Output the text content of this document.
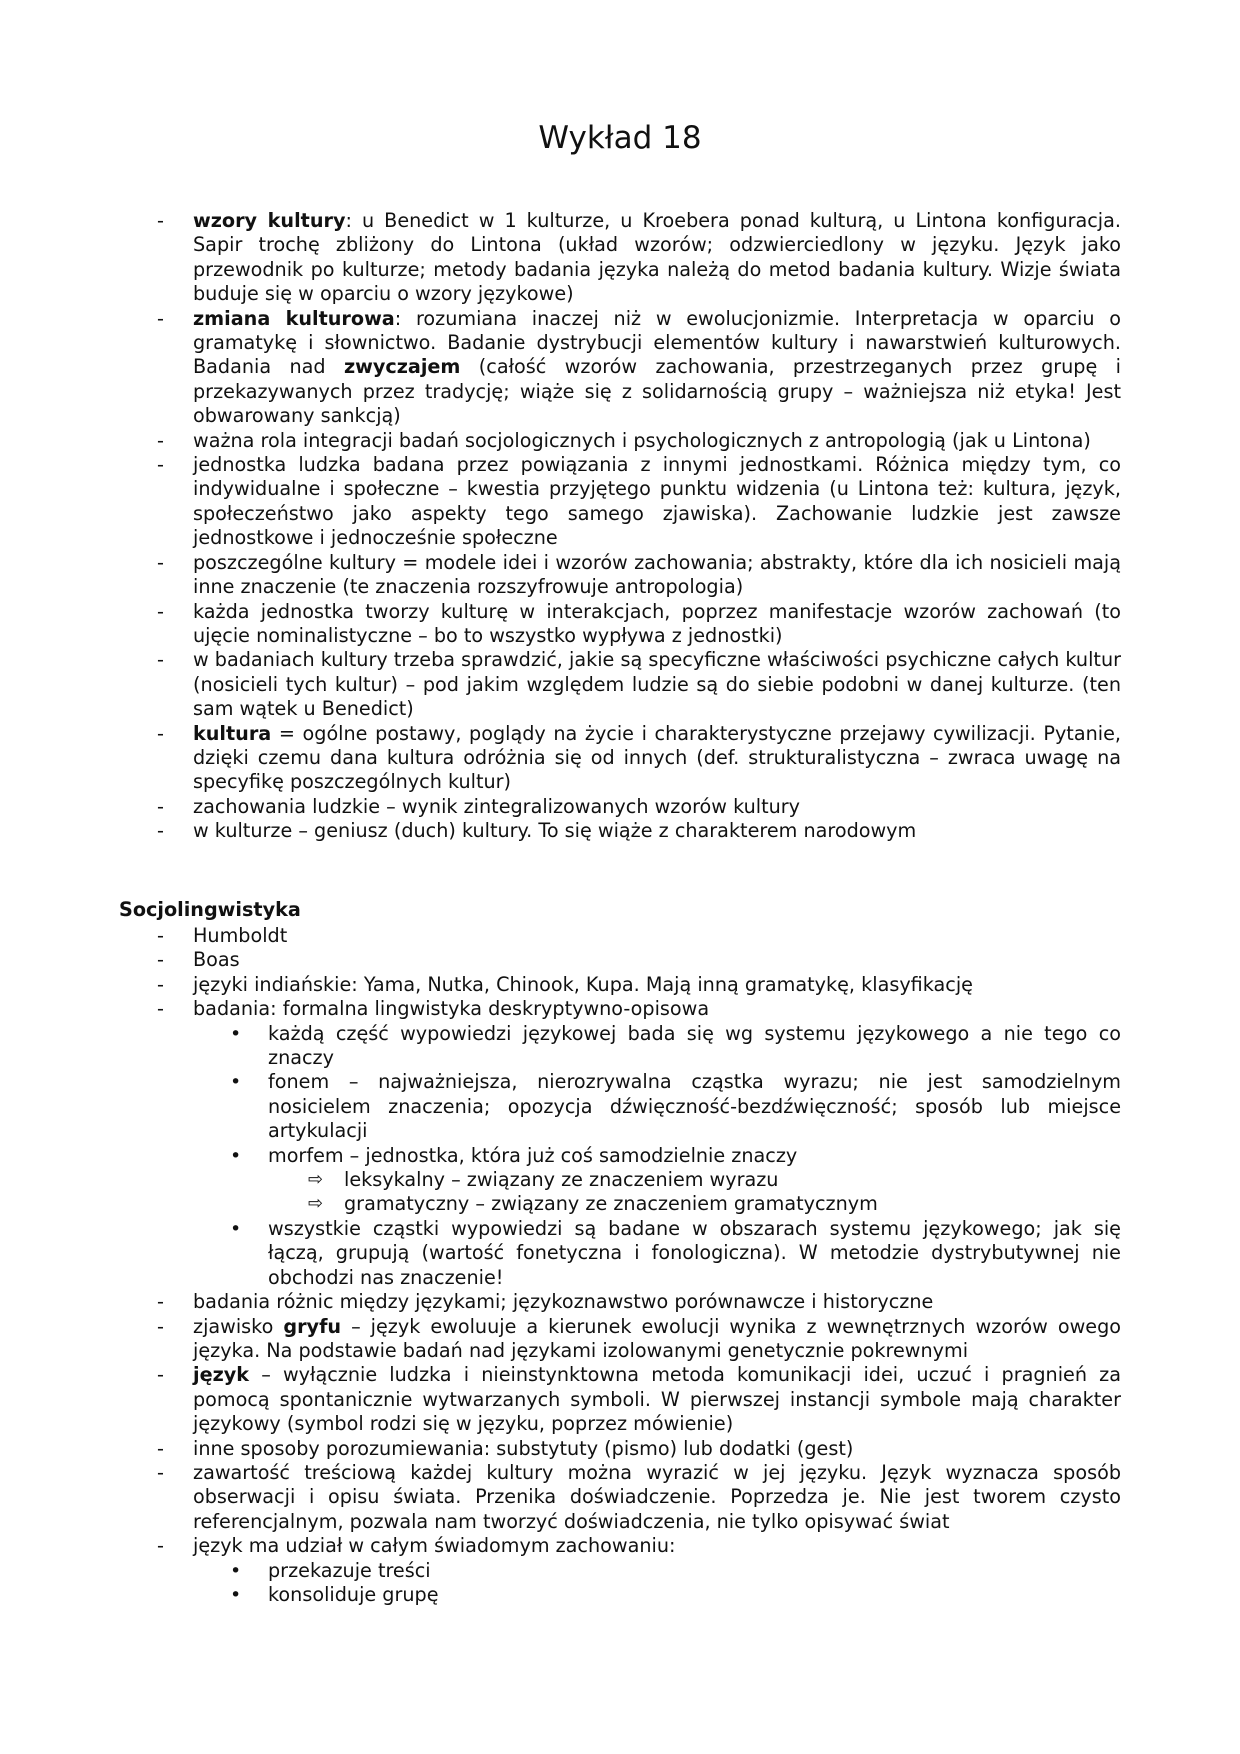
Wykład 18
- wzory kultury: u Benedict w 1 kulturze, u Kroebera ponad kulturą, u Lintona konfiguracja. Sapir trochę zbliżony do Lintona (układ wzorów; odzwierciedlony w języku. Język jako przewodnik po kulturze; metody badania języka należą do metod badania kultury. Wizje świata buduje się w oparciu o wzory językowe)
- zmiana kulturowa: rozumiana inaczej niż w ewolucjonizmie. Interpretacja w oparciu o gramatykę i słownictwo. Badanie dystrybucji elementów kultury i nawarstwień kulturowych. Badania nad zwyczajem (całość wzorów zachowania, przestrzeganych przez grupę i przekazywanych przez tradycję; wiąże się z solidarnością grupy – ważniejsza niż etyka! Jest obwarowany sankcją)
- ważna rola integracji badań socjologicznych i psychologicznych z antropologią (jak u Lintona)
- jednostka ludzka badana przez powiązania z innymi jednostkami. Różnica między tym, co indywidualne i społeczne – kwestia przyjętego punktu widzenia (u Lintona też: kultura, język, społeczeństwo jako aspekty tego samego zjawiska). Zachowanie ludzkie jest zawsze jednostkowe i jednocześnie społeczne
- poszczególne kultury = modele idei i wzorów zachowania; abstrakty, które dla ich nosicieli mają inne znaczenie (te znaczenia rozszyfrowuje antropologia)
- każda jednostka tworzy kulturę w interakcjach, poprzez manifestacje wzorów zachowań (to ujęcie nominalistyczne – bo to wszystko wypływa z jednostki)
- w badaniach kultury trzeba sprawdzić, jakie są specyficzne właściwości psychiczne całych kultur (nosicieli tych kultur) – pod jakim względem ludzie są do siebie podobni w danej kulturze. (ten sam wątek u Benedict)
- kultura = ogólne postawy, poglądy na życie i charakterystyczne przejawy cywilizacji. Pytanie, dzięki czemu dana kultura odróżnia się od innych (def. strukturalistyczna – zwraca uwagę na specyfikę poszczególnych kultur)
- zachowania ludzkie – wynik zintegralizowanych wzorów kultury
- w kulturze – geniusz (duch) kultury. To się wiąże z charakterem narodowym
Socjolingwistyka
- Humboldt
- Boas
- języki indiańskie: Yama, Nutka, Chinook, Kupa. Mają inną gramatykę, klasyfikację
- badania: formalna lingwistyka deskryptywno-opisowa
• każdą część wypowiedzi językowej bada się wg systemu językowego a nie tego co znaczy
• fonem – najważniejsza, nierozrywalna cząstka wyrazu; nie jest samodzielnym nosicielem znaczenia; opozycja dźwięczność-bezdźwięczność; sposób lub miejsce artykulacji
• morfem – jednostka, która już coś samodzielnie znaczy
⇨ leksykalny – związany ze znaczeniem wyrazu
⇨ gramatyczny – związany ze znaczeniem gramatycznym
• wszystkie cząstki wypowiedzi są badane w obszarach systemu językowego; jak się łączą, grupują (wartość fonetyczna i fonologiczna). W metodzie dystrybutywnej nie obchodzi nas znaczenie!
- badania różnic między językami; językoznawstwo porównawcze i historyczne
- zjawisko gryfu – język ewoluuje a kierunek ewolucji wynika z wewnętrznych wzorów owego języka. Na podstawie badań nad językami izolowanymi genetycznie pokrewnymi
- język – wyłącznie ludzka i nieinstynktowna metoda komunikacji idei, uczuć i pragnień za pomocą spontanicznie wytwarzanych symboli. W pierwszej instancji symbole mają charakter językowy (symbol rodzi się w języku, poprzez mówienie)
- inne sposoby porozumiewania: substytuty (pismo) lub dodatki (gest)
- zawartość treściową każdej kultury można wyrazić w jej języku. Język wyznacza sposób obserwacji i opisu świata. Przenika doświadczenie. Poprzedza je. Nie jest tworem czysto referencjalnym, pozwala nam tworzyć doświadczenia, nie tylko opisywać świat
- język ma udział w całym świadomym zachowaniu:
• przekazuje treści
• konsoliduje grupę
